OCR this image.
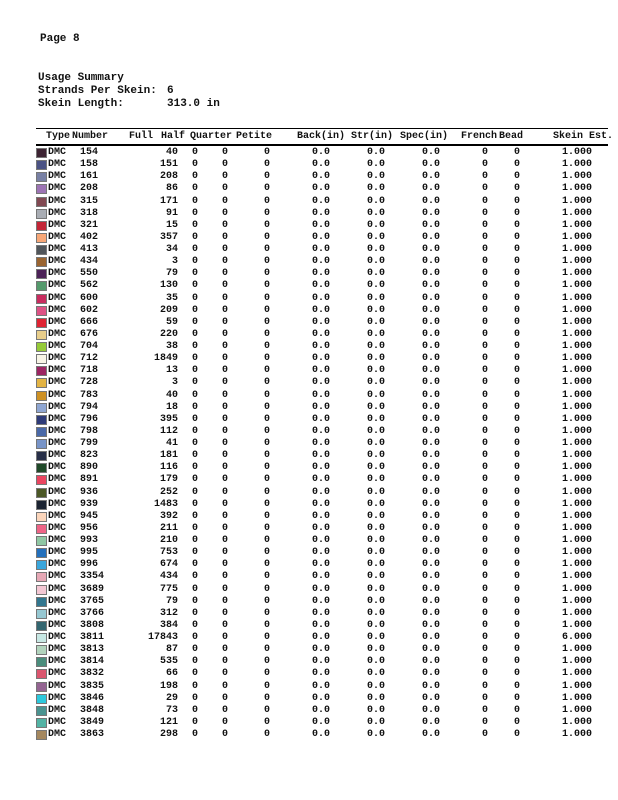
Page 8
Usage Summary
Strands Per Skein: 6
Skein Length:	313.0 in
Type Number	Full Half Quarter Petite	Back(in) Str(in) Spec(in)	French Bead	Skein Est.
DMC 154	40	0	0	0	0.0	0.0	0.0	0	0	1.000
DMC 158	151	0	0	0	0.0	0.0	0.0	0	0	1.000
DMC 161	208	0	0	0	0.0	0.0	0.0	0	0	1.000
DMC 208	86	0	0	0	0.0	0.0	0.0	0	0	1.000
DMC 315	171	0	0	0	0.0	0.0	0.0	0	0	1.000
DMC 318	91	0	0	0	0.0	0.0	0.0	0	0	1.000
DMC 321	15	0	0	0	0.0	0.0	0.0	0	0	1.000
DMC 402	357	0	0	0	0.0	0.0	0.0	0	0	1.000
DMC 413	34	0	0	0	0.0	0.0	0.0	0	0	1.000
DMC 434	3	0	0	0	0.0	0.0	0.0	0	0	1.000
DMC 550	79	0	0	0	0.0	0.0	0.0	0	0	1.000
DMC 562	130	0	0	0	0.0	0.0	0.0	0	0	1.000
DMC 600	35	0	0	0	0.0	0.0	0.0	0	0	1.000
DMC 602	209	0	0	0	0.0	0.0	0.0	0	0	1.000
DMC 666	59	0	0	0	0.0	0.0	0.0	0	0	1.000
DMC 676	220	0	0	0	0.0	0.0	0.0	0	0	1.000
DMC 704	38	0	0	0	0.0	0.0	0.0	0	0	1.000
DMC 712	1849	0	0	0	0.0	0.0	0.0	0	0	1.000
DMC 718	13	0	0	0	0.0	0.0	0.0	0	0	1.000
DMC 728	3	0	0	0	0.0	0.0	0.0	0	0	1.000
DMC 783	40	0	0	0	0.0	0.0	0.0	0	0	1.000
DMC 794	18	0	0	0	0.0	0.0	0.0	0	0	1.000
DMC 796	395	0	0	0	0.0	0.0	0.0	0	0	1.000
DMC 798	112	0	0	0	0.0	0.0	0.0	0	0	1.000
DMC 799	41	0	0	0	0.0	0.0	0.0	0	0	1.000
DMC 823	181	0	0	0	0.0	0.0	0.0	0	0	1.000
DMC 890	116	0	0	0	0.0	0.0	0.0	0	0	1.000
DMC 891	179	0	0	0	0.0	0.0	0.0	0	0	1.000
DMC 936	252	0	0	0	0.0	0.0	0.0	0	0	1.000
DMC 939	1483	0	0	0	0.0	0.0	0.0	0	0	1.000
DMC 945	392	0	0	0	0.0	0.0	0.0	0	0	1.000
DMC 956	211	0	0	0	0.0	0.0	0.0	0	0	1.000
DMC 993	210	0	0	0	0.0	0.0	0.0	0	0	1.000
DMC 995	753	0	0	0	0.0	0.0	0.0	0	0	1.000
DMC 996	674	0	0	0	0.0	0.0	0.0	0	0	1.000
DMC 3354	434	0	0	0	0.0	0.0	0.0	0	0	1.000
DMC 3689	775	0	0	0	0.0	0.0	0.0	0	0	1.000
DMC 3765	79	0	0	0	0.0	0.0	0.0	0	0	1.000
DMC 3766	312	0	0	0	0.0	0.0	0.0	0	0	1.000
DMC 3808	384	0	0	0	0.0	0.0	0.0	0	0	1.000
DMC 3811	17843	0	0	0	0.0	0.0	0.0	0	0	6.000
DMC 3813	87	0	0	0	0.0	0.0	0.0	0	0	1.000
DMC 3814	535	0	0	0	0.0	0.0	0.0	0	0	1.000
DMC 3832	66	0	0	0	0.0	0.0	0.0	0	0	1.000
DMC 3835	198	0	0	0	0.0	0.0	0.0	0	0	1.000
DMC 3846	29	0	0	0	0.0	0.0	0.0	0	0	1.000
DMC 3848	73	0	0	0	0.0	0.0	0.0	0	0	1.000
DMC 3849	121	0	0	0	0.0	0.0	0.0	0	0	1.000
DMC 3863	298	0	0	0	0.0	0.0	0.0	0	0	1.000
